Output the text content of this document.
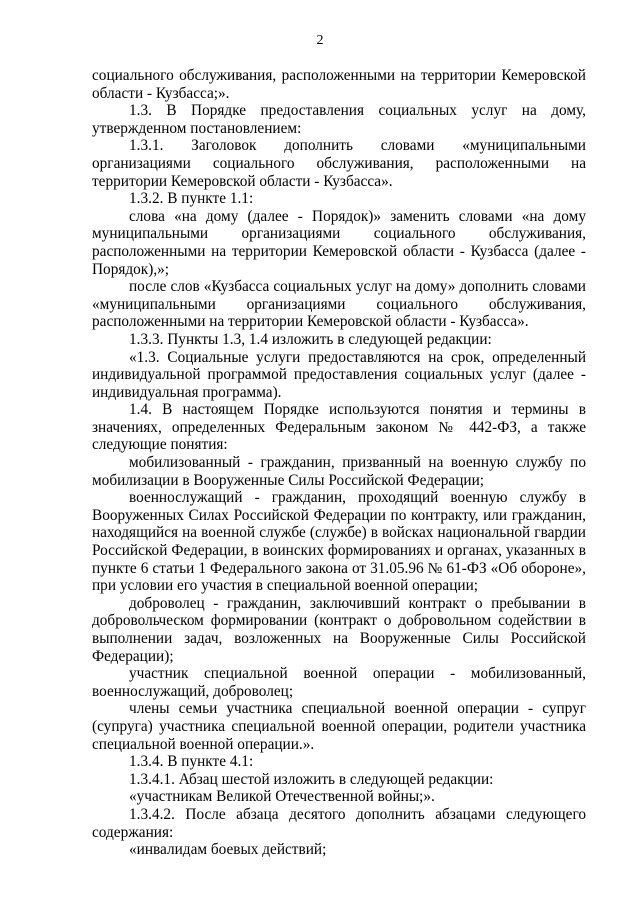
2

социального обслуживания, расположенными на территории Кемеровской области - Кузбасса;».

1.3. В Порядке предоставления социальных услуг на дому, утвержденном постановлением:

1.3.1. Заголовок дополнить словами «муниципальными организациями социального обслуживания, расположенными на территории Кемеровской области - Кузбасса».

1.3.2. В пункте 1.1:

слова «на дому (далее - Порядок)» заменить словами «на дому муниципальными организациями социального обслуживания, расположенными на территории Кемеровской области - Кузбасса (далее - Порядок),»;

после слов «Кузбасса социальных услуг на дому» дополнить словами «муниципальными организациями социального обслуживания, расположенными на территории Кемеровской области - Кузбасса».

1.3.3. Пункты 1.3, 1.4 изложить в следующей редакции:

«1.3. Социальные услуги предоставляются на срок, определенный индивидуальной программой предоставления социальных услуг (далее - индивидуальная программа).

1.4. В настоящем Порядке используются понятия и термины в значениях, определенных Федеральным законом № 442-ФЗ, а также следующие понятия:

мобилизованный - гражданин, призванный на военную службу по мобилизации в Вооруженные Силы Российской Федерации;

военнослужащий - гражданин, проходящий военную службу в Вооруженных Силах Российской Федерации по контракту, или гражданин, находящийся на военной службе (службе) в войсках национальной гвардии Российской Федерации, в воинских формированиях и органах, указанных в пункте 6 статьи 1 Федерального закона от 31.05.96 № 61-ФЗ «Об обороне», при условии его участия в специальной военной операции;

доброволец - гражданин, заключивший контракт о пребывании в добровольческом формировании (контракт о добровольном содействии в выполнении задач, возложенных на Вооруженные Силы Российской Федерации);

участник специальной военной операции - мобилизованный, военнослужащий, доброволец;

члены семьи участника специальной военной операции - супруг (супруга) участника специальной военной операции, родители участника специальной военной операции.».

1.3.4. В пункте 4.1:

1.3.4.1. Абзац шестой изложить в следующей редакции:

«участникам Великой Отечественной войны;».

1.3.4.2. После абзаца десятого дополнить абзацами следующего содержания:

«инвалидам боевых действий;
